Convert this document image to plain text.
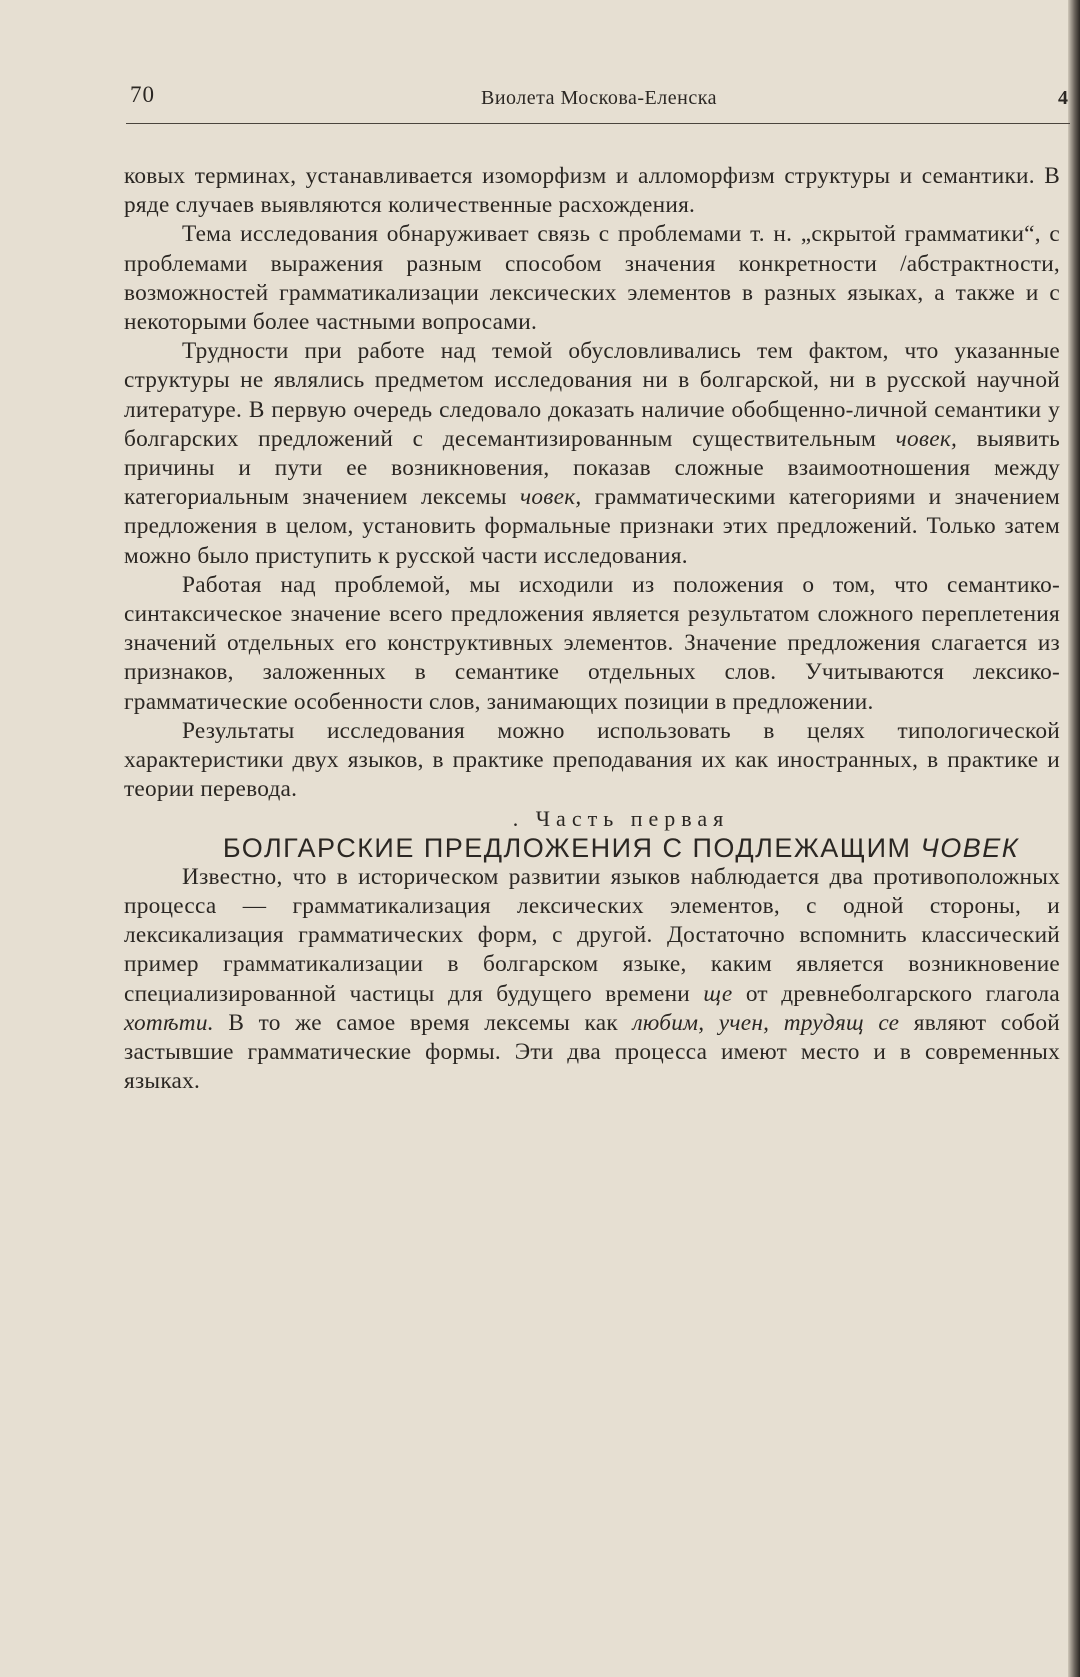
70	Виолета Москова-Еленска	4

ковых терминах, устанавливается изоморфизм и алломорфизм структуры и семантики. В ряде случаев выявляются количественные расхождения.

Тема исследования обнаруживает связь с проблемами т. н. „скрытой грамматики“, с проблемами выражения разным способом значения конкретности /абстрактности, возможностей грамматикализации лексических элементов в разных языках, а также и с некоторыми более частными вопросами.

Трудности при работе над темой обусловливались тем фактом, что указанные структуры не являлись предметом исследования ни в болгарской, ни в русской научной литературе. В первую очередь следовало доказать наличие обобщенно-личной семантики у болгарских предложений с десемантизированным существительным човек, выявить причины и пути ее возникновения, показав сложные взаимоотношения между категориальным значением лексемы човек, грамматическими категориями и значением предложения в целом, установить формальные признаки этих предложений. Только затем можно было приступить к русской части исследования.

Работая над проблемой, мы исходили из положения о том, что семантико-синтаксическое значение всего предложения является результатом сложного переплетения значений отдельных его конструктивных элементов. Значение предложения слагается из признаков, заложенных в семантике отдельных слов. Учитываются лексико-грамматические особенности слов, занимающих позиции в предложении.

Результаты исследования можно использовать в целях типологической характеристики двух языков, в практике преподавания их как иностранных, в практике и теории перевода.

. Часть первая

БОЛГАРСКИЕ ПРЕДЛОЖЕНИЯ С ПОДЛЕЖАЩИМ ЧОВЕК

Известно, что в историческом развитии языков наблюдается два противоположных процесса — грамматикализация лексических элементов, с одной стороны, и лексикализация грамматических форм, с другой. Достаточно вспомнить классический пример грамматикализации в болгарском языке, каким является возникновение специализированной частицы для будущего времени ще от древнеболгарского глагола хотѣти. В то же самое время лексемы как любим, учен, трудящ се являют собой застывшие грамматические формы. Эти два процесса имеют место и в современных языках.
